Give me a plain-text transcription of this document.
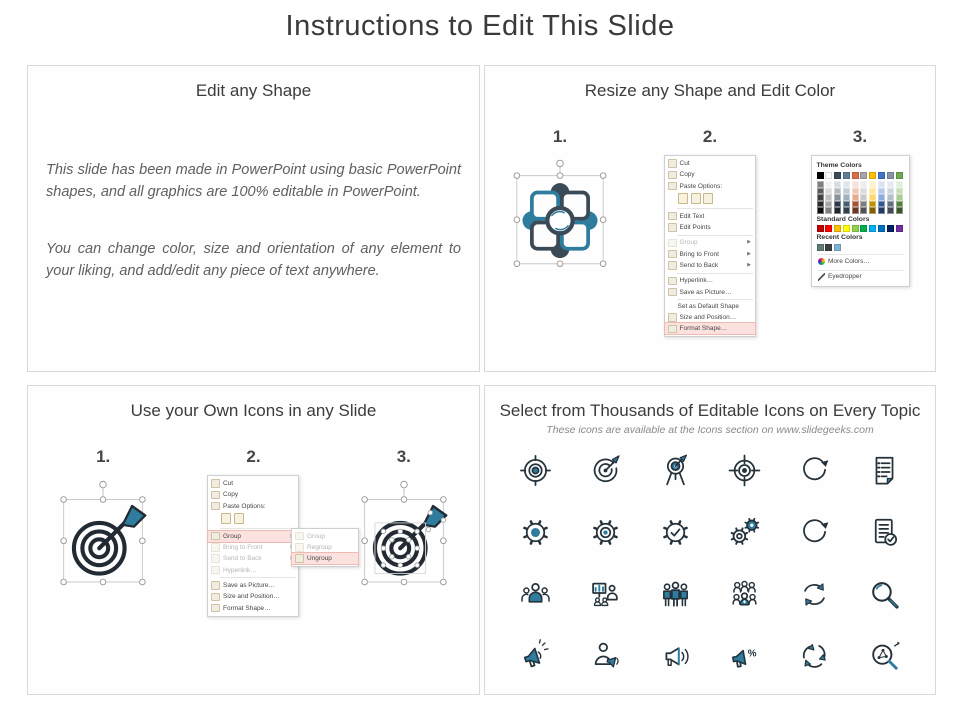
Instructions to Edit This Slide
Edit any Shape

This slide has been made in PowerPoint using basic PowerPoint shapes, and all graphics are 100% editable in PowerPoint.

You can change color, size and orientation of any element to your liking, and add/edit any piece of text anywhere.

Resize any Shape and Edit Color
1.	2.
Cut
Copy
Paste Options:
Edit Text
Edit Points
Group	▶
Bring to Front	▶
Send to Back	▶
Hyperlink…
Save as Picture…
Set as Default Shape
Size and Position…
Format Shape…
3.
Theme Colors
Standard Colors
Recent Colors
More Colors…
Eyedropper
Use your Own Icons in any Slide
1.	2.
Cut
Copy
Paste Options:
Group	Group
Regroup
Ungroup
Bring to Front
Send to Back
Hyperlink…
Save as Picture…
Size and Position…
Format Shape…
3.
Select from Thousands of Editable Icons on Every Topic

These icons are available at the Icons section on www.slidegeeks.com

%
